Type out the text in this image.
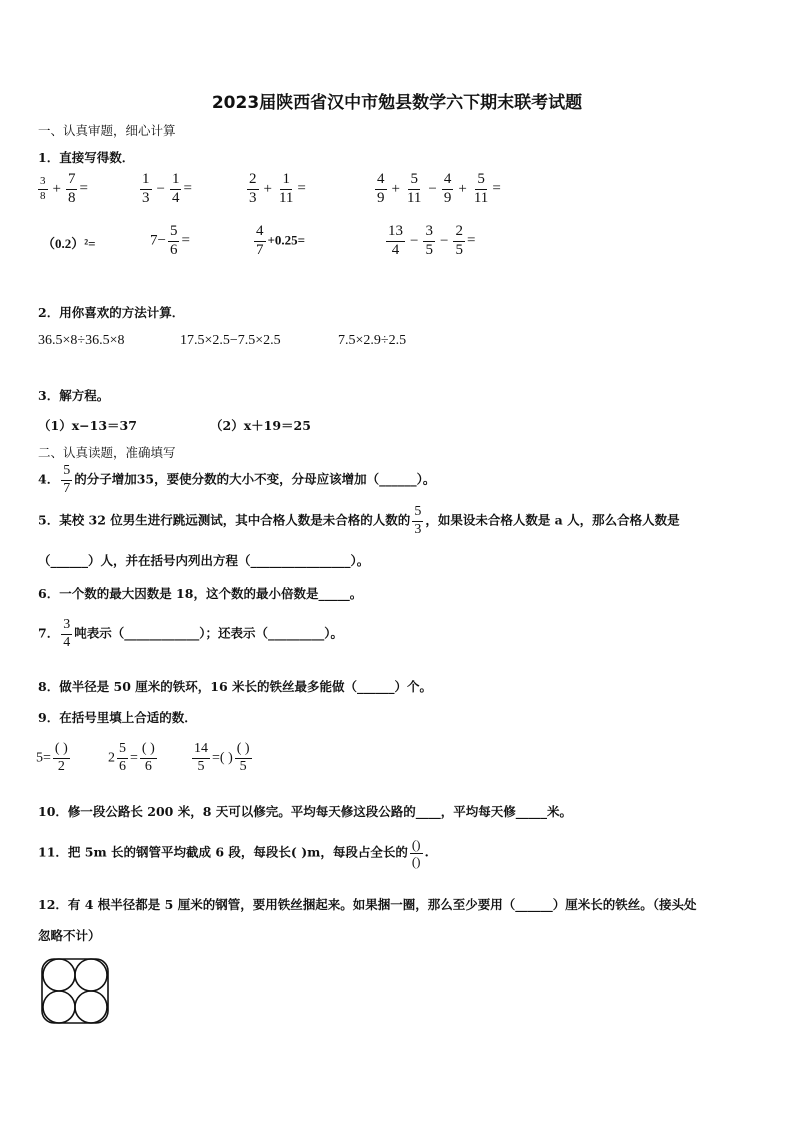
2023届陕西省汉中市勉县数学六下期末联考试题
一、认真审题，细心计算
1．直接写得数．
$\frac{3}{8} + \frac{7}{8}$ =	$\frac{1}{3} - \frac{1}{4}$ =	$\frac{2}{3} + \frac{1}{11}$ =	$\frac{4}{9} + \frac{5}{11} - \frac{4}{9} + \frac{5}{11}$ =
（0.2）²=	$7- \frac{5}{6}$ =	$\frac{4}{7} +0.25=$	$\frac{13}{4} - \frac{3}{5} - \frac{2}{5}$ =
2．用你喜欢的方法计算．
36.5×8÷36.5×8	17.5×2.5−7.5×2.5	7.5×2.9÷2.5
3．解方程。
（1）x−13＝37	（2）x＋19＝25
二、认真读题，准确填写
4． $\frac{5}{7}$ 的分子增加35，要使分数的大小不变，分母应该增加（______）。
5．某校 32 位男生进行跳远测试，其中合格人数是未合格的人数的 $\frac{5}{3}$ ，如果设未合格人数是 a 人，那么合格人数是
（______）人，并在括号内列出方程（________________）。
6．一个数的最大因数是 18，这个数的最小倍数是_____。
7． $\frac{3}{4}$ 吨表示（____________）；还表示（_________）。
8．做半径是 50 厘米的铁环，16 米长的铁丝最多能做（______）个。
9．在括号里填上合适的数．
$5= \frac{( )}{2}$	$2 \frac{5}{6} = \frac{( )}{6}$	$\frac{14}{5}$ =( ) $\frac{( )}{5}$
10．修一段公路长 200 米，8 天可以修完。平均每天修这段公路的____，平均每天修_____米。
11．把 5m 长的钢管平均截成 6 段，每段长( )m，每段占全长的 $\frac{()}{()}$ .
12．有 4 根半径都是 5 厘米的钢管，要用铁丝捆起来。如果捆一圈，那么至少要用（______）厘米长的铁丝。（接头处
忽略不计）
